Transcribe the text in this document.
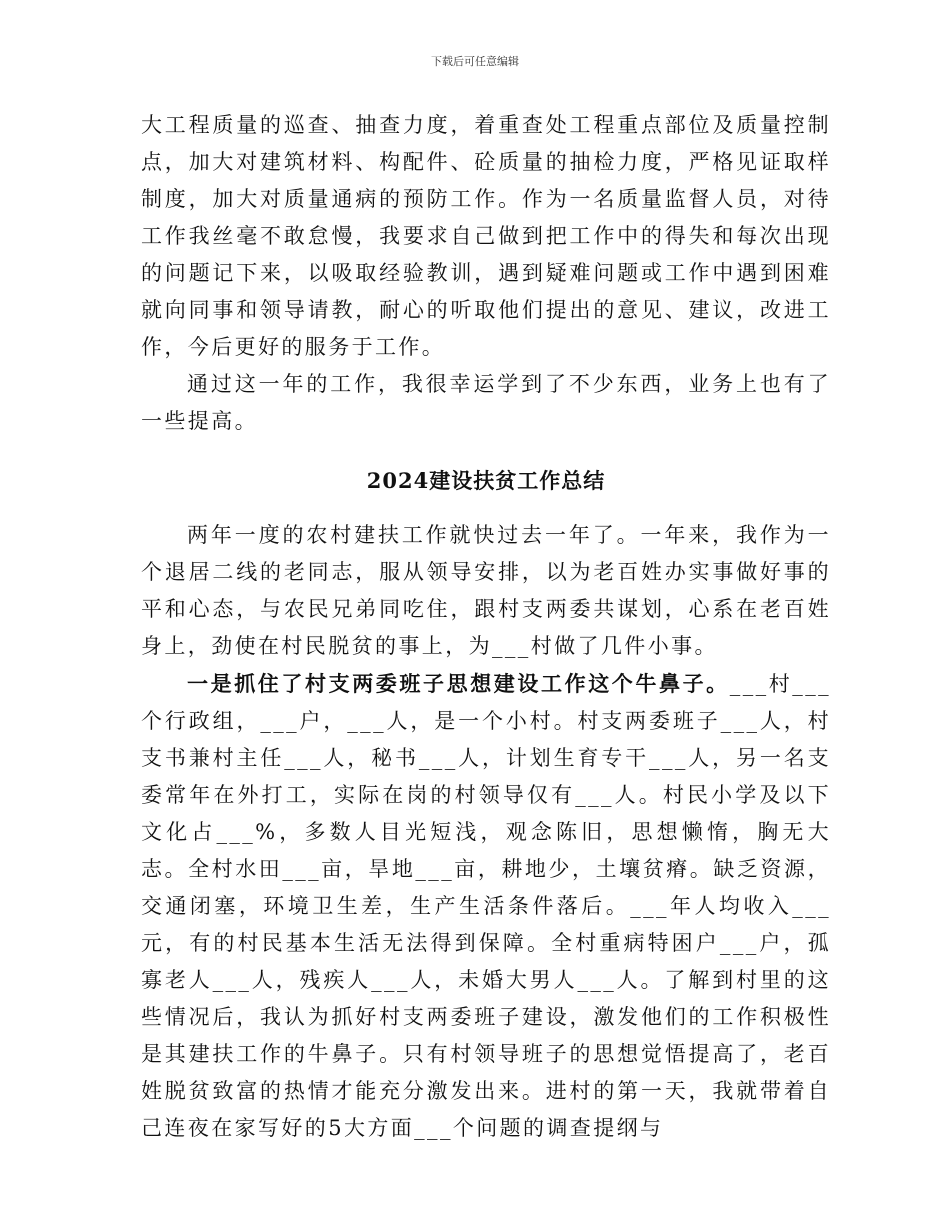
下载后可任意编辑

大工程质量的巡查、抽查力度，着重查处工程重点部位及质量控制点，加大对建筑材料、构配件、砼质量的抽检力度，严格见证取样制度，加大对质量通病的预防工作。作为一名质量监督人员，对待工作我丝毫不敢怠慢，我要求自己做到把工作中的得失和每次出现的问题记下来，以吸取经验教训，遇到疑难问题或工作中遇到困难就向同事和领导请教，耐心的听取他们提出的意见、建议，改进工作，今后更好的服务于工作。

通过这一年的工作，我很幸运学到了不少东西，业务上也有了一些提高。

2024建设扶贫工作总结

两年一度的农村建扶工作就快过去一年了。一年来，我作为一个退居二线的老同志，服从领导安排，以为老百姓办实事做好事的平和心态，与农民兄弟同吃住，跟村支两委共谋划，心系在老百姓身上，劲使在村民脱贫的事上，为___村做了几件小事。

一是抓住了村支两委班子思想建设工作这个牛鼻子。___村___个行政组，___户，___人，是一个小村。村支两委班子___人，村支书兼村主任___人，秘书___人，计划生育专干___人，另一名支委常年在外打工，实际在岗的村领导仅有___人。村民小学及以下文化占___%，多数人目光短浅，观念陈旧，思想懒惰，胸无大志。全村水田___亩，旱地___亩，耕地少，土壤贫瘠。缺乏资源，交通闭塞，环境卫生差，生产生活条件落后。___年人均收入___元，有的村民基本生活无法得到保障。全村重病特困户___户，孤寡老人___人，残疾人___人，未婚大男人___人。了解到村里的这些情况后，我认为抓好村支两委班子建设，激发他们的工作积极性是其建扶工作的牛鼻子。只有村领导班子的思想觉悟提高了，老百姓脱贫致富的热情才能充分激发出来。进村的第一天，我就带着自己连夜在家写好的5大方面___个问题的调查提纲与
